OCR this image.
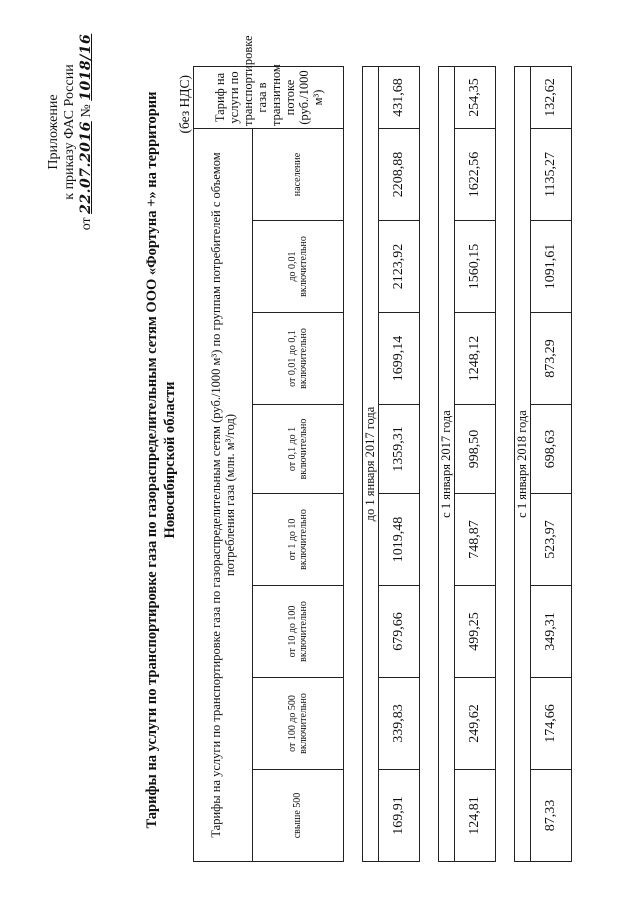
Приложение к приказу ФАС России
от 22.07.2016 № 1018/16
Тарифы на услуги по транспортировке газа по газораспределительным сетям ООО «Фортуна +» на территории Новосибирской области
(без НДС)
Тарифы на услуги по транспортировке газа по газораспределительным сетям (руб./1000 м³) по группам потребителей с объемом потребления газа (млн. м³/год)								Тариф на услуги по транспортировке газа в транзитном потоке (руб./1000 м³)
свыше 500	от 100 до 500 включительно	от 10 до 100 включительно	от 1 до 10 включительно	от 0,1 до 1 включительно	от 0,01 до 0,1 включительно	до 0,01 включительно	население	

до 1 января 2017 года								
169,91	339,83	679,66	1019,48	1359,31	1699,14	2123,92	2208,88	431,68

с 1 января 2017 года								
124,81	249,62	499,25	748,87	998,50	1248,12	1560,15	1622,56	254,35

с 1 января 2018 года								
87,33	174,66	349,31	523,97	698,63	873,29	1091,61	1135,27	132,62
